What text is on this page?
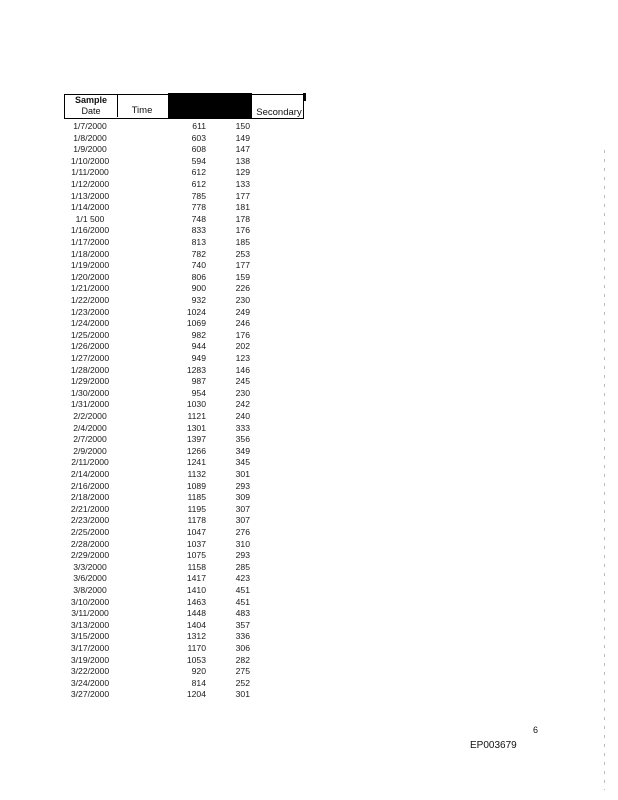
Sample
Date	Time	Secondary
1/7/2000	611	150
1/8/2000	603	149
1/9/2000	608	147
1/10/2000	594	138
1/11/2000	612	129
1/12/2000	612	133
1/13/2000	785	177
1/14/2000	778	181
1/1 500	748	178
1/16/2000	833	176
1/17/2000	813	185
1/18/2000	782	253
1/19/2000	740	177
1/20/2000	806	159
1/21/2000	900	226
1/22/2000	932	230
1/23/2000	1024	249
1/24/2000	1069	246
1/25/2000	982	176
1/26/2000	944	202
1/27/2000	949	123
1/28/2000	1283	146
1/29/2000	987	245
1/30/2000	954	230
1/31/2000	1030	242
2/2/2000	1121	240
2/4/2000	1301	333
2/7/2000	1397	356
2/9/2000	1266	349
2/11/2000	1241	345
2/14/2000	1132	301
2/16/2000	1089	293
2/18/2000	1185	309
2/21/2000	1195	307
2/23/2000	1178	307
2/25/2000	1047	276
2/28/2000	1037	310
2/29/2000	1075	293
3/3/2000	1158	285
3/6/2000	1417	423
3/8/2000	1410	451
3/10/2000	1463	451
3/11/2000	1448	483
3/13/2000	1404	357
3/15/2000	1312	336
3/17/2000	1170	306
3/19/2000	1053	282
3/22/2000	920	275
3/24/2000	814	252
3/27/2000	1204	301
6
EP003679
